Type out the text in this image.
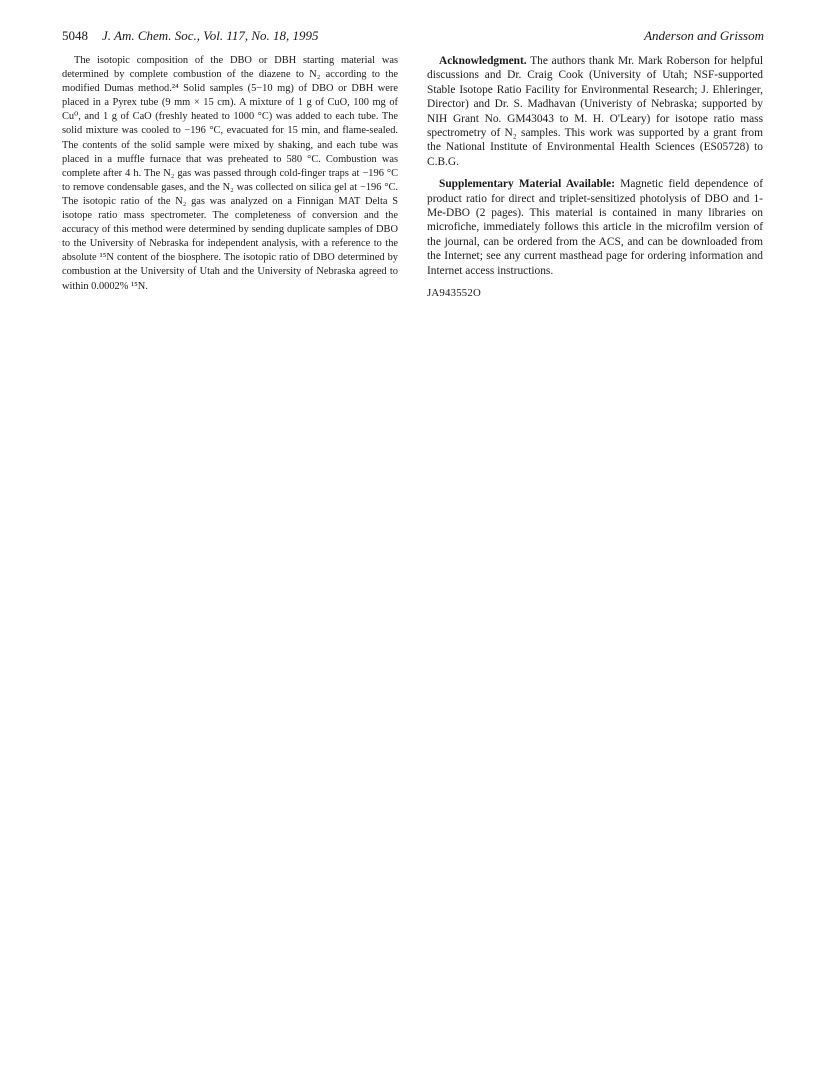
5048 J. Am. Chem. Soc., Vol. 117, No. 18, 1995	Anderson and Grissom

The isotopic composition of the DBO or DBH starting material was determined by complete combustion of the diazene to N₂ according to the modified Dumas method.²⁴ Solid samples (5−10 mg) of DBO or DBH were placed in a Pyrex tube (9 mm × 15 cm). A mixture of 1 g of CuO, 100 mg of Cu⁰, and 1 g of CaO (freshly heated to 1000 °C) was added to each tube. The solid mixture was cooled to −196 °C, evacuated for 15 min, and flame-sealed. The contents of the solid sample were mixed by shaking, and each tube was placed in a muffle furnace that was preheated to 580 °C. Combustion was complete after 4 h. The N₂ gas was passed through cold-finger traps at −196 °C to remove condensable gases, and the N₂ was collected on silica gel at −196 °C. The isotopic ratio of the N₂ gas was analyzed on a Finnigan MAT Delta S isotope ratio mass spectrometer. The completeness of conversion and the accuracy of this method were determined by sending duplicate samples of DBO to the University of Nebraska for independent analysis, with a reference to the absolute ¹⁵N content of the biosphere. The isotopic ratio of DBO determined by combustion at the University of Utah and the University of Nebraska agreed to within 0.0002% ¹⁵N.

Acknowledgment. The authors thank Mr. Mark Roberson for helpful discussions and Dr. Craig Cook (University of Utah; NSF-supported Stable Isotope Ratio Facility for Environmental Research; J. Ehleringer, Director) and Dr. S. Madhavan (Univeristy of Nebraska; supported by NIH Grant No. GM43043 to M. H. O'Leary) for isotope ratio mass spectrometry of N₂ samples. This work was supported by a grant from the National Institute of Environmental Health Sciences (ES05728) to C.B.G.

Supplementary Material Available: Magnetic field dependence of product ratio for direct and triplet-sensitized photolysis of DBO and 1-Me-DBO (2 pages). This material is contained in many libraries on microfiche, immediately follows this article in the microfilm version of the journal, can be ordered from the ACS, and can be downloaded from the Internet; see any current masthead page for ordering information and Internet access instructions.

JA943552O
